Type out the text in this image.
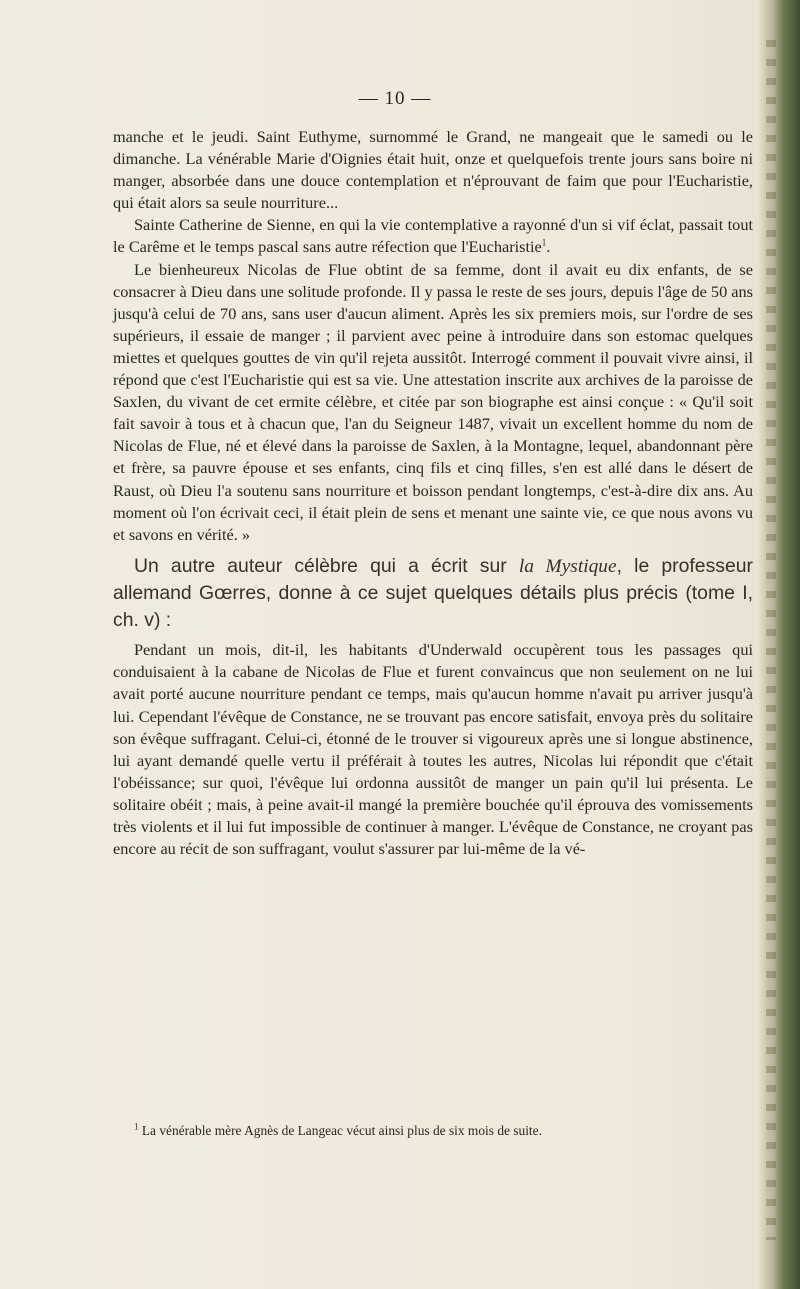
— 10 —

manche et le jeudi. Saint Euthyme, surnommé le Grand, ne mangeait que le samedi ou le dimanche. La vénérable Marie d'Oignies était huit, onze et quelquefois trente jours sans boire ni manger, absorbée dans une douce contemplation et n'éprouvant de faim que pour l'Eucharistie, qui était alors sa seule nourriture...

Sainte Catherine de Sienne, en qui la vie contemplative a rayonné d'un si vif éclat, passait tout le Carême et le temps pascal sans autre réfection que l'Eucharistie$^1$.

Le bienheureux Nicolas de Flue obtint de sa femme, dont il avait eu dix enfants, de se consacrer à Dieu dans une solitude profonde. Il y passa le reste de ses jours, depuis l'âge de 50 ans jusqu'à celui de 70 ans, sans user d'aucun aliment. Après les six premiers mois, sur l'ordre de ses supérieurs, il essaie de manger ; il parvient avec peine à introduire dans son estomac quelques miettes et quelques gouttes de vin qu'il rejeta aussitôt. Interrogé comment il pouvait vivre ainsi, il répond que c'est l'Eucharistie qui est sa vie. Une attestation inscrite aux archives de la paroisse de Saxlen, du vivant de cet ermite célèbre, et citée par son biographe est ainsi conçue : « Qu'il soit fait savoir à tous et à chacun que, l'an du Seigneur 1487, vivait un excellent homme du nom de Nicolas de Flue, né et élevé dans la paroisse de Saxlen, à la Montagne, lequel, abandonnant père et frère, sa pauvre épouse et ses enfants, cinq fils et cinq filles, s'en est allé dans le désert de Raust, où Dieu l'a soutenu sans nourriture et boisson pendant longtemps, c'est-à-dire dix ans. Au moment où l'on écrivait ceci, il était plein de sens et menant une sainte vie, ce que nous avons vu et savons en vérité. »

Un autre auteur célèbre qui a écrit sur la Mystique, le professeur allemand Gœrres, donne à ce sujet quelques détails plus précis (tome I, ch. v) :

Pendant un mois, dit-il, les habitants d'Underwald occupèrent tous les passages qui conduisaient à la cabane de Nicolas de Flue et furent convaincus que non seulement on ne lui avait porté aucune nourriture pendant ce temps, mais qu'aucun homme n'avait pu arriver jusqu'à lui. Cependant l'évêque de Constance, ne se trouvant pas encore satisfait, envoya près du solitaire son évêque suffragant. Celui-ci, étonné de le trouver si vigoureux après une si longue abstinence, lui ayant demandé quelle vertu il préférait à toutes les autres, Nicolas lui répondit que c'était l'obéissance; sur quoi, l'évêque lui ordonna aussitôt de manger un pain qu'il lui présenta. Le solitaire obéit ; mais, à peine avait-il mangé la première bouchée qu'il éprouva des vomissements très violents et il lui fut impossible de continuer à manger. L'évêque de Constance, ne croyant pas encore au récit de son suffragant, voulut s'assurer par lui-même de la vé-

$^1$ La vénérable mère Agnès de Langeac vécut ainsi plus de six mois de suite.
